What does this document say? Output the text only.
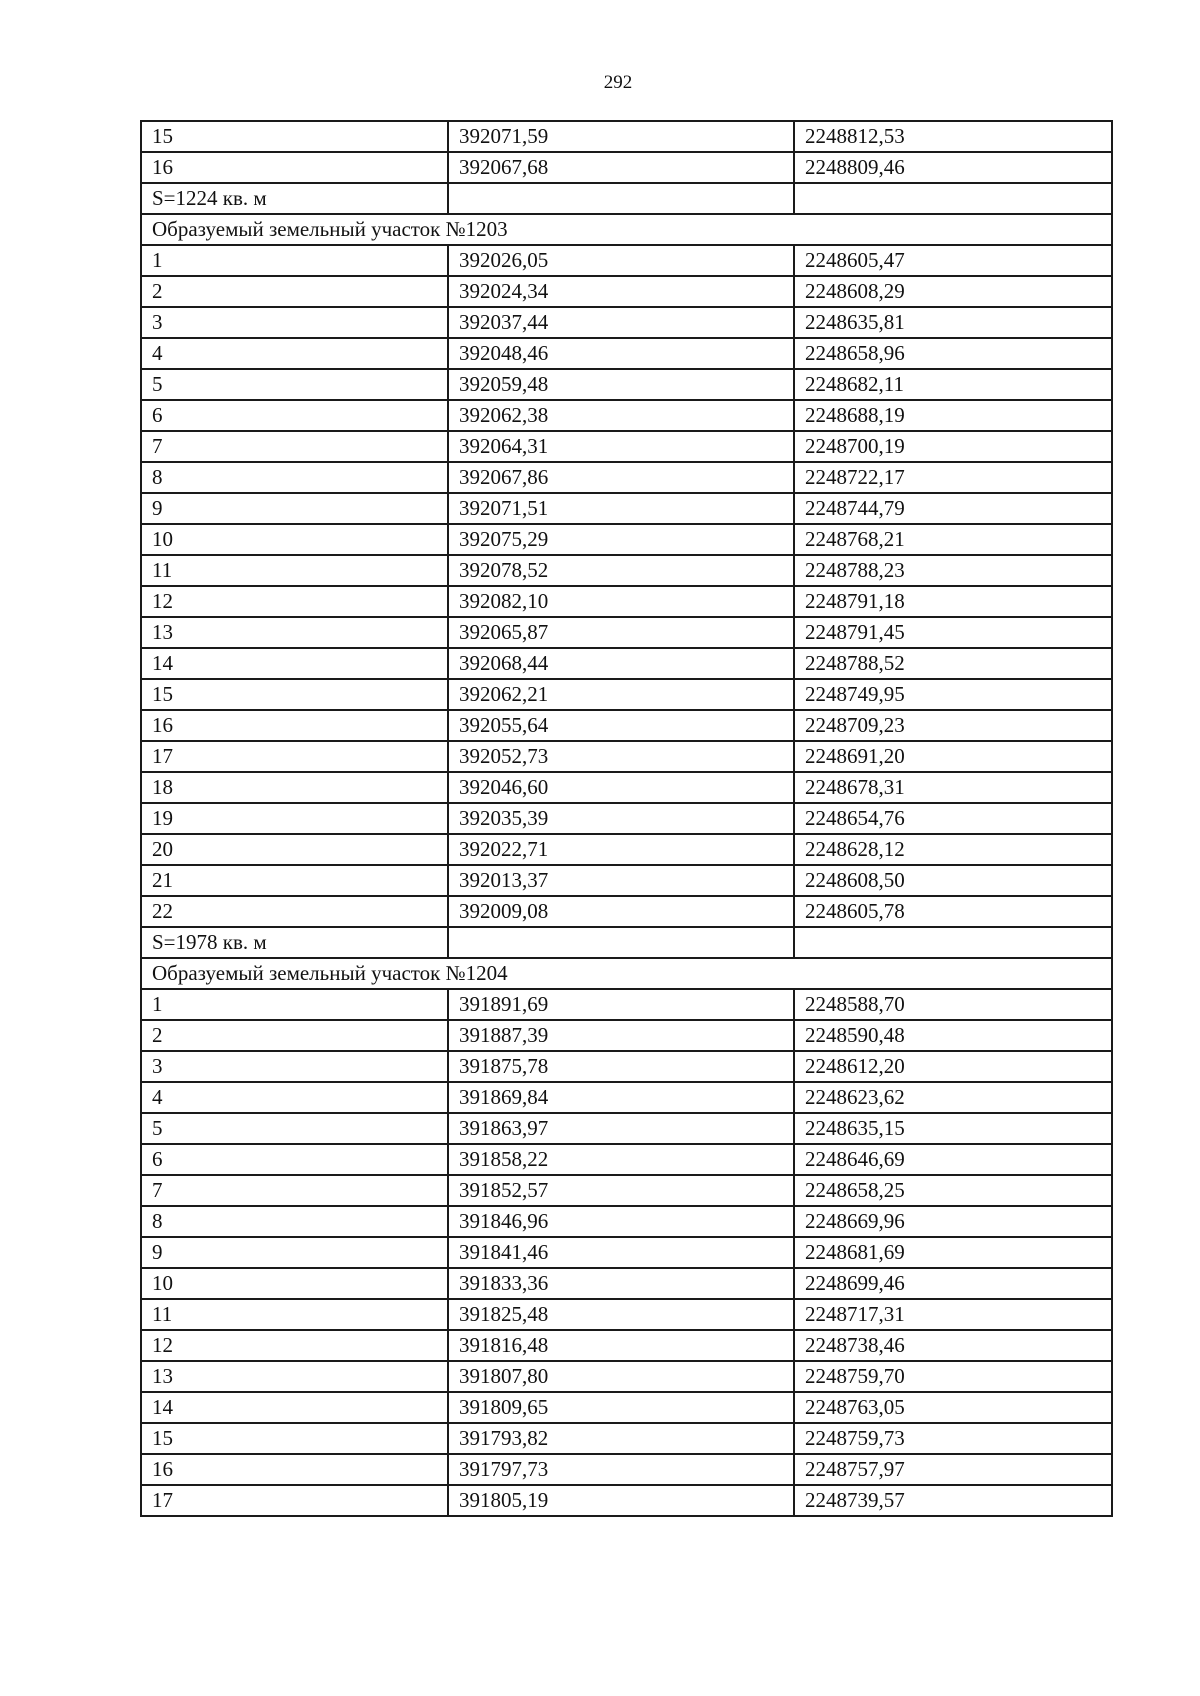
292
15	392071,59	2248812,53
16	392067,68	2248809,46
S=1224 кв. м		
Образуемый земельный участок №1203		
1	392026,05	2248605,47
2	392024,34	2248608,29
3	392037,44	2248635,81
4	392048,46	2248658,96
5	392059,48	2248682,11
6	392062,38	2248688,19
7	392064,31	2248700,19
8	392067,86	2248722,17
9	392071,51	2248744,79
10	392075,29	2248768,21
11	392078,52	2248788,23
12	392082,10	2248791,18
13	392065,87	2248791,45
14	392068,44	2248788,52
15	392062,21	2248749,95
16	392055,64	2248709,23
17	392052,73	2248691,20
18	392046,60	2248678,31
19	392035,39	2248654,76
20	392022,71	2248628,12
21	392013,37	2248608,50
22	392009,08	2248605,78
S=1978 кв. м		
Образуемый земельный участок №1204		
1	391891,69	2248588,70
2	391887,39	2248590,48
3	391875,78	2248612,20
4	391869,84	2248623,62
5	391863,97	2248635,15
6	391858,22	2248646,69
7	391852,57	2248658,25
8	391846,96	2248669,96
9	391841,46	2248681,69
10	391833,36	2248699,46
11	391825,48	2248717,31
12	391816,48	2248738,46
13	391807,80	2248759,70
14	391809,65	2248763,05
15	391793,82	2248759,73
16	391797,73	2248757,97
17	391805,19	2248739,57
